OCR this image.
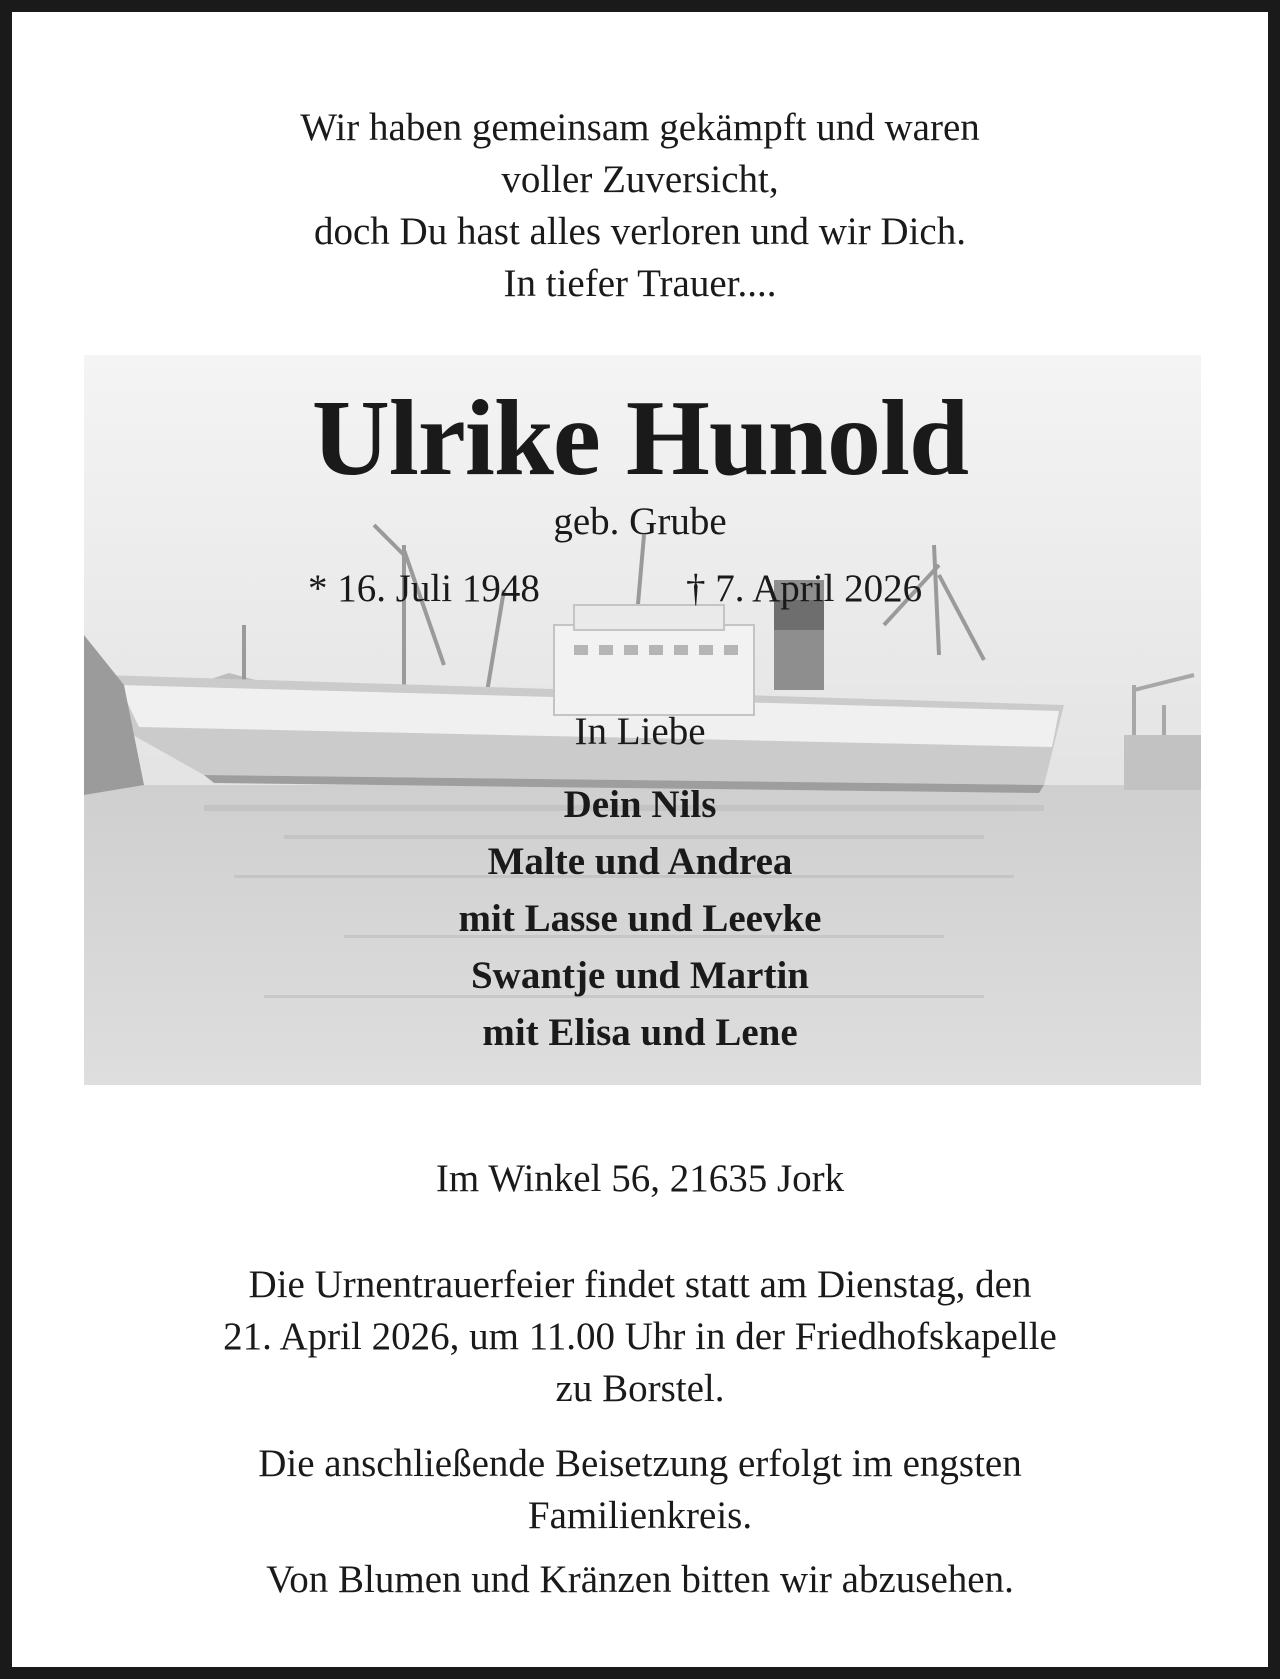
Wir haben gemeinsam gekämpft und waren
voller Zuversicht,
doch Du hast alles verloren und wir Dich.
In tiefer Trauer....
Ulrike Hunold
geb. Grube
* 16. Juli 1948	† 7. April 2026
In Liebe
Dein Nils
Malte und Andrea
mit Lasse und Leevke
Swantje und Martin
mit Elisa und Lene
Im Winkel 56, 21635 Jork
Die Urnentrauerfeier findet statt am Dienstag, den
21. April 2026, um 11.00 Uhr in der Friedhofskapelle
zu Borstel.
Die anschließende Beisetzung erfolgt im engsten
Familienkreis.
Von Blumen und Kränzen bitten wir abzusehen.
